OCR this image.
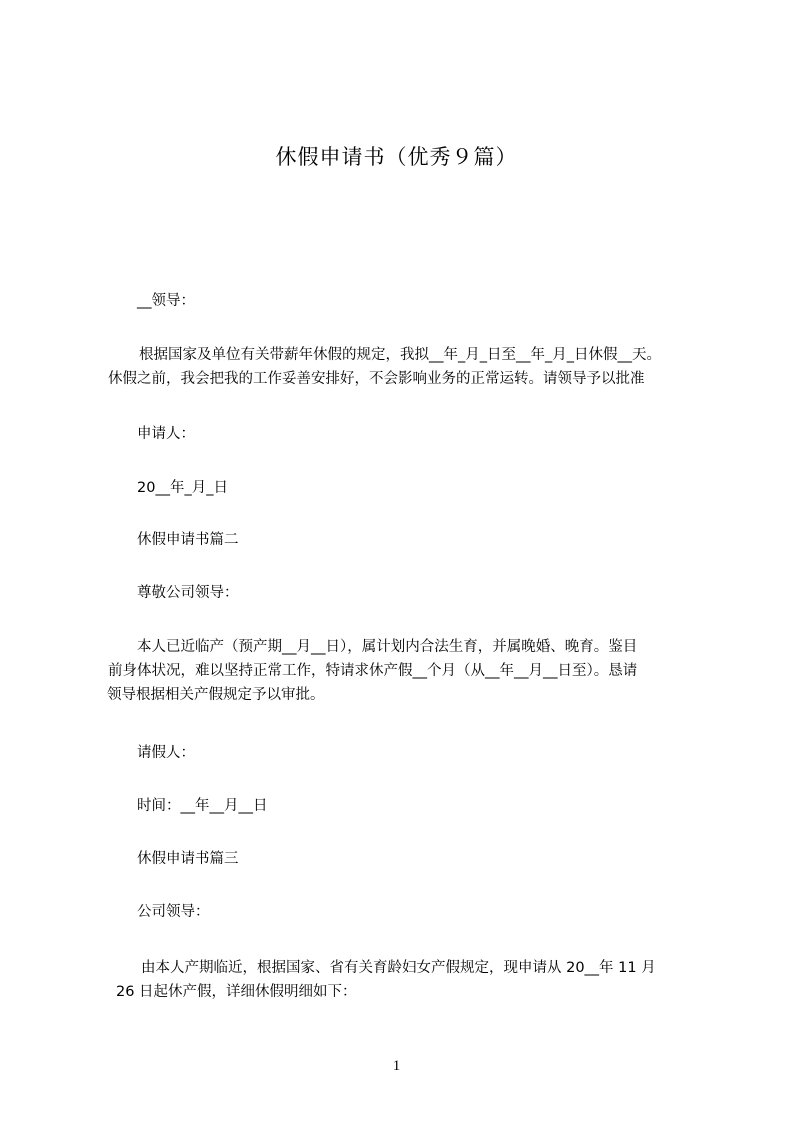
休假申请书（优秀９篇）
__领导：
根据国家及单位有关带薪年休假的规定，我拟__年_月_日至__年_月_日休假__天。
休假之前，我会把我的工作妥善安排好，不会影响业务的正常运转。请领导予以批准
申请人：
20__年_月_日
休假申请书篇二
尊敬公司领导：
本人已近临产（预产期__月__日），属计划内合法生育，并属晚婚、晚育。鉴目
前身体状况，难以坚持正常工作，特请求休产假__个月（从__年__月__日至）。恳请
领导根据相关产假规定予以审批。
请假人：
时间：__年__月__日
休假申请书篇三
公司领导：
由本人产期临近，根据国家、省有关育龄妇女产假规定，现申请从 20__年 11 月
26 日起休产假，详细休假明细如下：
1
